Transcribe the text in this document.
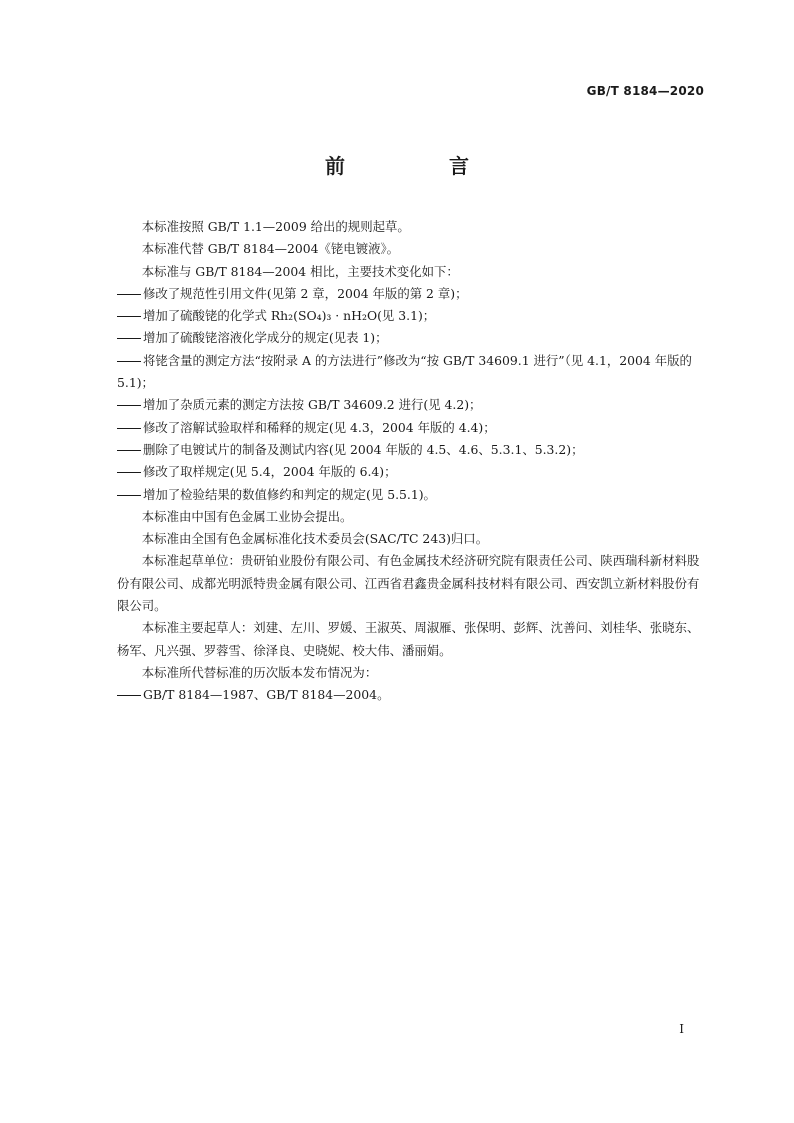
GB/T 8184—2020
前　言

本标准按照 GB/T 1.1—2009 给出的规则起草。

本标准代替 GB/T 8184—2004《铑电镀液》。

本标准与 GB/T 8184—2004 相比，主要技术变化如下：

修改了规范性引用文件(见第 2 章，2004 年版的第 2 章)；

增加了硫酸铑的化学式 Rh₂(SO₄)₃ · nH₂O(见 3.1)；

增加了硫酸铑溶液化学成分的规定(见表 1)；

将铑含量的测定方法“按附录 A 的方法进行”修改为“按 GB/T 34609.1 进行”（见 4.1，2004 年版的 5.1)；

增加了杂质元素的测定方法按 GB/T 34609.2 进行(见 4.2)；

修改了溶解试验取样和稀释的规定(见 4.3，2004 年版的 4.4)；

删除了电镀试片的制备及测试内容(见 2004 年版的 4.5、4.6、5.3.1、5.3.2)；

修改了取样规定(见 5.4，2004 年版的 6.4)；

增加了检验结果的数值修约和判定的规定(见 5.5.1)。

本标准由中国有色金属工业协会提出。

本标准由全国有色金属标准化技术委员会(SAC/TC 243)归口。

本标准起草单位：贵研铂业股份有限公司、有色金属技术经济研究院有限责任公司、陕西瑞科新材料股份有限公司、成都光明派特贵金属有限公司、江西省君鑫贵金属科技材料有限公司、西安凯立新材料股份有限公司。

本标准主要起草人：刘建、左川、罗媛、王淑英、周淑雁、张保明、彭辉、沈善问、刘桂华、张晓东、杨军、凡兴强、罗蓉雪、徐泽良、史晓妮、校大伟、潘丽娟。

本标准所代替标准的历次版本发布情况为：

GB/T 8184—1987、GB/T 8184—2004。

I
